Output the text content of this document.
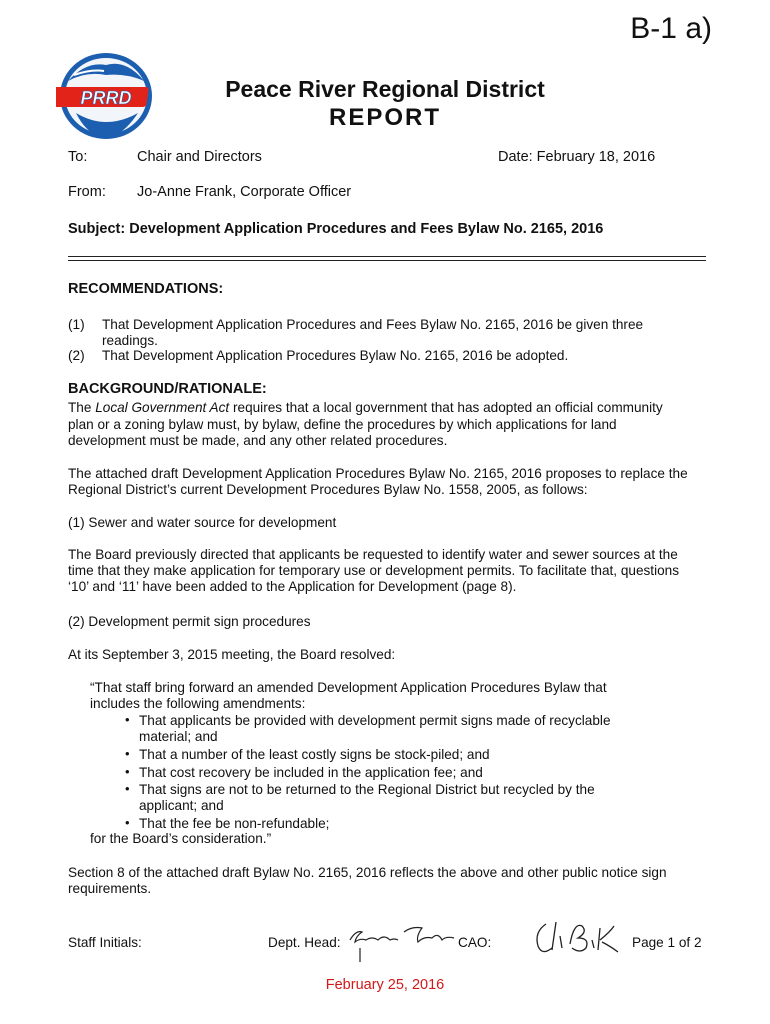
B-1 a)
PRRD	Peace River Regional District
REPORT
To:	Chair and Directors	Date: February 18, 2016
From: Jo-Anne Frank, Corporate Officer
Subject: Development Application Procedures and Fees Bylaw No. 2165, 2016
RECOMMENDATIONS:
(1) That Development Application Procedures and Fees Bylaw No. 2165, 2016 be given three
readings.
(2) That Development Application Procedures Bylaw No. 2165, 2016 be adopted.
BACKGROUND/RATIONALE:
The Local Government Act requires that a local government that has adopted an official community
plan or a zoning bylaw must, by bylaw, define the procedures by which applications for land
development must be made, and any other related procedures.
The attached draft Development Application Procedures Bylaw No. 2165, 2016 proposes to replace the
Regional District’s current Development Procedures Bylaw No. 1558, 2005, as follows:
(1) Sewer and water source for development
The Board previously directed that applicants be requested to identify water and sewer sources at the
time that they make application for temporary use or development permits. To facilitate that, questions
‘10’ and ‘11’ have been added to the Application for Development (page 8).
(2) Development permit sign procedures
At its September 3, 2015 meeting, the Board resolved:
“That staff bring forward an amended Development Application Procedures Bylaw that
includes the following amendments:
• That applicants be provided with development permit signs made of recyclable
material; and
• That a number of the least costly signs be stock-piled; and
• That cost recovery be included in the application fee; and
• That signs are not to be returned to the Regional District but recycled by the
applicant; and
• That the fee be non-refundable;
for the Board’s consideration.”
Section 8 of the attached draft Bylaw No. 2165, 2016 reflects the above and other public notice sign
requirements.
Staff Initials:	Dept. Head:	CAO:	Page 1 of 2
February 25, 2016
